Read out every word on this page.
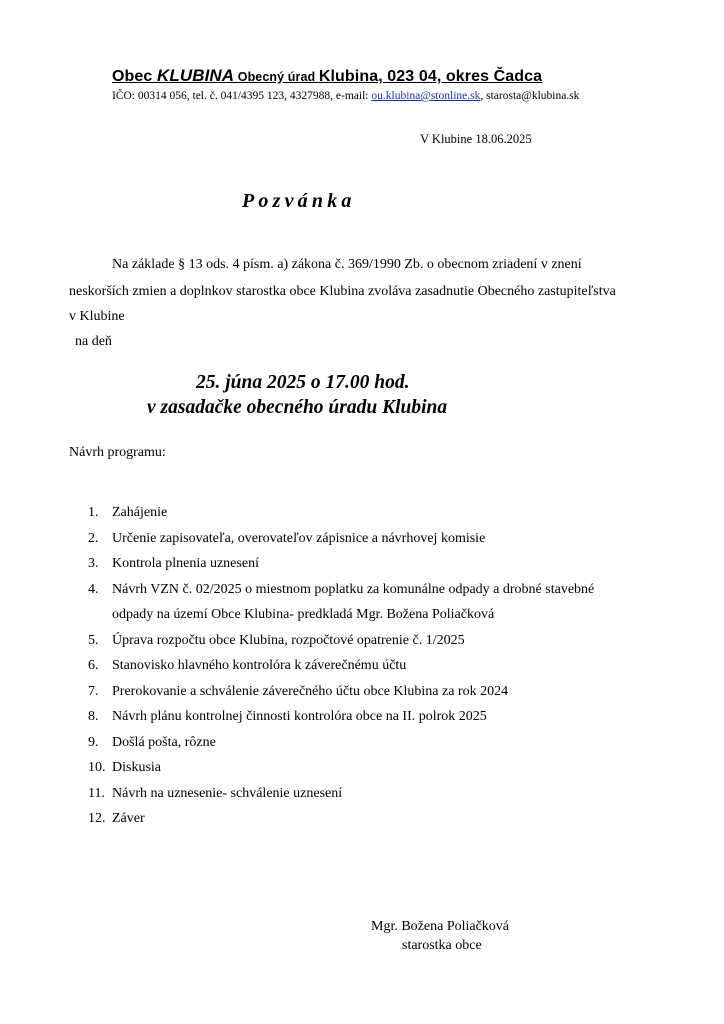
Obec KLUBINA Obecný úrad Klubina, 023 04, okres Čadca
IČO: 00314 056, tel. č. 041/4395 123, 4327988, e-mail: ou.klubina@stonline.sk, starosta@klubina.sk
V Klubine 18.06.2025
Pozvánka
Na základe § 13 ods. 4 písm. a) zákona č. 369/1990 Zb. o obecnom zriadení v znení
neskorších zmien a doplnkov starostka obce Klubina zvoláva zasadnutie Obecného zastupiteľstva
v Klubine
na deň
25. júna 2025 o 17.00 hod.
v zasadačke obecného úradu Klubina
Návrh programu:
1. Zahájenie
2. Určenie zapisovateľa, overovateľov zápisnice a návrhovej komisie
3. Kontrola plnenia uznesení
4. Návrh VZN č. 02/2025 o miestnom poplatku za komunálne odpady a drobné stavebné
odpady na území Obce Klubina- predkladá Mgr. Božena Poliačková
5. Úprava rozpočtu obce Klubina, rozpočtové opatrenie č. 1/2025
6. Stanovisko hlavného kontrolóra k záverečnému účtu
7. Prerokovanie a schválenie záverečného účtu obce Klubina za rok 2024
8. Návrh plánu kontrolnej činnosti kontrolóra obce na II. polrok 2025
9. Došlá pošta, rôzne
10. Diskusia
11. Návrh na uznesenie- schválenie uznesení
12. Záver
Mgr. Božena Poliačková
starostka obce
